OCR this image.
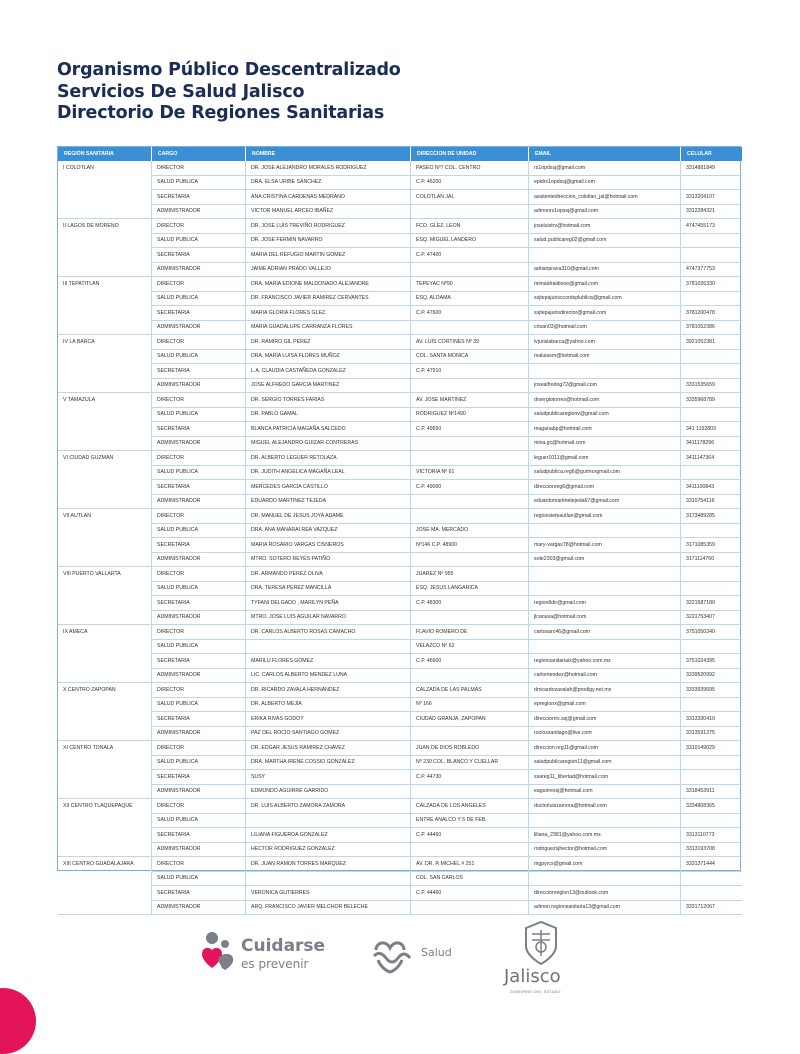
Organismo Público Descentralizado
Servicios De Salud Jalisco
Directorio De Regiones Sanitarias
REGIÓN SANITARIA	CARGO	NOMBRE	DIRECCION DE UNIDAD	EMAIL	CELULAR
I COLOTLAN	DIRECTOR	DR. JOSE ALEJANDRO MORALES RODRIGUEZ	PASEO Nº7 COL. CENTRO	rs1opdssj@gmail.com	3314881849
	SALUD PUBLICA	DRA. ELSA URIBE SANCHEZ	C.P. 46200	epidrs1opdssj@gmail.com	
	SECRETARIA	ANA CRISTINA CARDENAS MEDRANO	COLOTLAN JAL	asistentedireccion_colotlan_jal@hotmail.com	3313204107
	ADMINISTRADOR	VICTOR MANUEL ARCEO IBAÑEZ		admonrs1opssj@gmail.com	3312284321
II LAGOS DE MORENO	DIRECTOR	DR. JOSE LUIS TREVIÑO RODRIGUEZ	FCO. GLEZ. LEON	joseluistrv@hotmail.com	4747455173
	SALUD PUBLICA	DR. JOSE FERMIN NAVARRO	ESQ. MIGUEL LANDERO	salud.publicareg02@gmail.com	
	SECRETARIA	MARIA DEL REFUGIO MARTIN GOMEZ	C.P. 47400		
	ADMINISTRADOR	JAIME ADRIAN PRADO VALLEJO		adrianprava310@gmail.com	4747377753
III TEPATITLAN	DIRECTOR	DRA. MARIA EDIONE MALDONADO ALEJANDRE	TEPEYAC Nº90	mimaldraidione@gmail.com	3781026330
	SALUD PUBLICA	DR. FRANCISCO JAVIER RAMIREZ CERVANTES	ESQ. ALDAMA	ssjtepajurisccordsplublica@gmail.com	
	SECRETARIA	MARIA GLORIA FLORES GLEZ.	C.P. 47600	ssjtepajurisdirector@gmail.com	3781200478
	ADMINISTRADOR	MARIA GUADALUPE CARRANZA FLORES		crisan03@hotmail.com	3781052386
IV LA BARCA	DIRECTOR	DR. RAMIRO GIL PEREZ	AV. LUIS CORTINES Nº 39	ivjurislabarca@yahoo.com	3921052381
	SALUD PUBLICA	DRA. MARIA LUISA FLORES MUÑOZ	COL. SANTA MONICA	maluiasm@hotmail.com	
	SECRETARIA	L.A. CLAUDIA CASTAÑEDA GONZALEZ	C.P. 47910		
	ADMINISTRADOR	JOSE ALFREDO GARCIA MARTINEZ		josealfredog72@gmail.com	3331535659
V TAMAZULA	DIRECTOR	DR. SERGIO TORRES FARIAS	AV. JOSE MARTINEZ	drsergiotorres@hotmail.com	3335968789
	SALUD PUBLICA	DR. PABLO GAMAL	RODRIGUEZ Nº1490	saludpublicareglonv@gmail.com	
	SECRETARIA	BLANCA PATRICIA MAGAÑA SALCEDO	C.P. 49650	maganabp@hotmail.com	341 1152803
	ADMINISTRADOR	MIGUEL ALEJANDRO GUIZAR CONTRERAS		mina.gc@hotmail.com	3411178296
VI CIUDAD GUZMAN	DIRECTOR	DR. ALBERTO LEGUER RETOLAZA		leguer1011@gmail.com	3411147364
	SALUD PUBLICA	DR. JUDITH ANGELICA MAGAÑA LEAL	VICTORIA Nº 61	saludpublica.reg6@gurmorgmail.com	
	SECRETARIA	MERCEDES GARCIA CASTILLO	C.P. 49000	direccionreg6@gmail.com	3411100843
	ADMINISTRADOR	EDUARDO MARTINEZ TEJEDA		eduardomartinetejeda67@gmail.com	3310754116
VII AUTLAN	DIRECTOR	DR. MANUEL DE JESUS JOYA ADAME		regionsieteautlan@gmail.com	3173489285
	SALUD PUBLICA	DRA. ANA MANARAI REA VAZQUEZ	JOSE MA. MERCADO		
	SECRETARIA	MARIA ROSARIO VARGAS CISNEROS	Nº146 C.P. 48900	mary-vargas78@hotmail.com	3171085359
	ADMINISTRADOR	MTRO. SOTERO REYES PATIÑO		sote2303@gmail.com	3171114760
VIII PUERTO VALLARTA	DIRECTOR	DR. ARMANDO PEREZ OLIVA	JUAREZ Nº 955		
	SALUD PUBLICA	DRA. TERESA PEREZ MANCILLA	ESQ. JESUS LANGARICA		
	SECRETARIA	TYFANI DELGADO , MARILYN PEÑA	C.P. 48300	region8dir@gmail.com	3221587180
	ADMINISTRADOR	MTRO. JOSE LUIS AGUILAR NAVARRO		jlcanuva@hotmail.com	3221753407
IX AMECA	DIRECTOR	DR. CARLOS ALBERTO ROSAS CAMACHO	FLAVIO ROMERO DE	cartosarc46@gmail.com	3751050340
	SALUD PUBLICA		VELAZCO Nº 62		
	SECRETARIA	MARILU FLORES GOMEZ	C.P. 46600	regionsanitariaix@yahoo.com.mx	3751024395
	ADMINISTRADOR	LIC. CARLOS ALBERTO MENDEZ LUNA		carlomendez@hotmail.com	3339520992
X CENTRO ZAPOPAN	DIRECTOR	DR. RICARDO ZAVALA HERNANDEZ	CALZADA DE LAS PALMAS	drricardozavalah@prodigy.net.mx	3333939695
	SALUD PUBLICA	DR. ALBERTO MEJIA	Nº 166	epregionx@gmail.com	
	SECRETARIA	ERIKA RIVAS GODOY	CIUDAD GRANJA, ZAPOPAN	direcciorrrx.ssj@gmail.com	3313330410
	ADMINISTRADOR	PAZ DEL ROCIO SANTIAGO GOMEZ		rocioxsantiago@live.com	3313591275
XI CENTRO TONALA	DIRECTOR	DR. EDGAR JESUS RAMIREZ CHAVEZ	JUAN DE DIOS ROBLEDO	direccion.reg11@gmail.com	3310149029
	SALUD PUBLICA	DRA. MARTHA IRENE COSSIO GONZALEZ	Nº 230 COL. BLANCO Y CUELLAR	saludpublicaregion11@gmail.com	
	SECRETARIA	SUSY	C.P. 44730	ssareg11_libertad@hotmail.com	
	ADMINISTRADOR	EDMUNDO AGUIRRE GARRIDO		eaguirressj@hotmail.com	3318453911
XII CENTRO TLAQUEPAQUE	DIRECTOR	DR. LUIS ALBERTO ZAMORA ZAMORA	CALZADA DE LOS ANGELES	doctorluiszamora@hotmail.com	3334808365
	SALUD PUBLICA		ENTRE ANALCO Y 5 DE FEB.		
	SECRETARIA	LILIANA FIGUEROA GONZALEZ	C.P. 44460	liliana_2381@yahoo.com.mx	3313110773
	ADMINISTRADOR	HECTOR RODRIGUEZ GONZALEZ		rodriguezsjhector@hotmail.com	3313193708
XIII CENTRO GUADALAJARA	DIRECTOR	DR. JUAN RAMON TORRES MARQUEZ	AV. DR. R MICHEL # 251	mgpyrcs@gmail.com	3331371444
	SALUD PUBLICA		COL. SAN CARLOS		
	SECRETARIA	VERONICA GUTIERRES	C.P. 44460	direccionregion13@outlook.com	
	ADMINISTRADOR	ARQ. FRANCISCO JAVIER MELCHOR BELECHE		admon.regionsanitaria13@gmail.com	3331712067
Cuidarse
es prevenir
Salud
Jalisco
GOBIERNO DEL ESTADO
